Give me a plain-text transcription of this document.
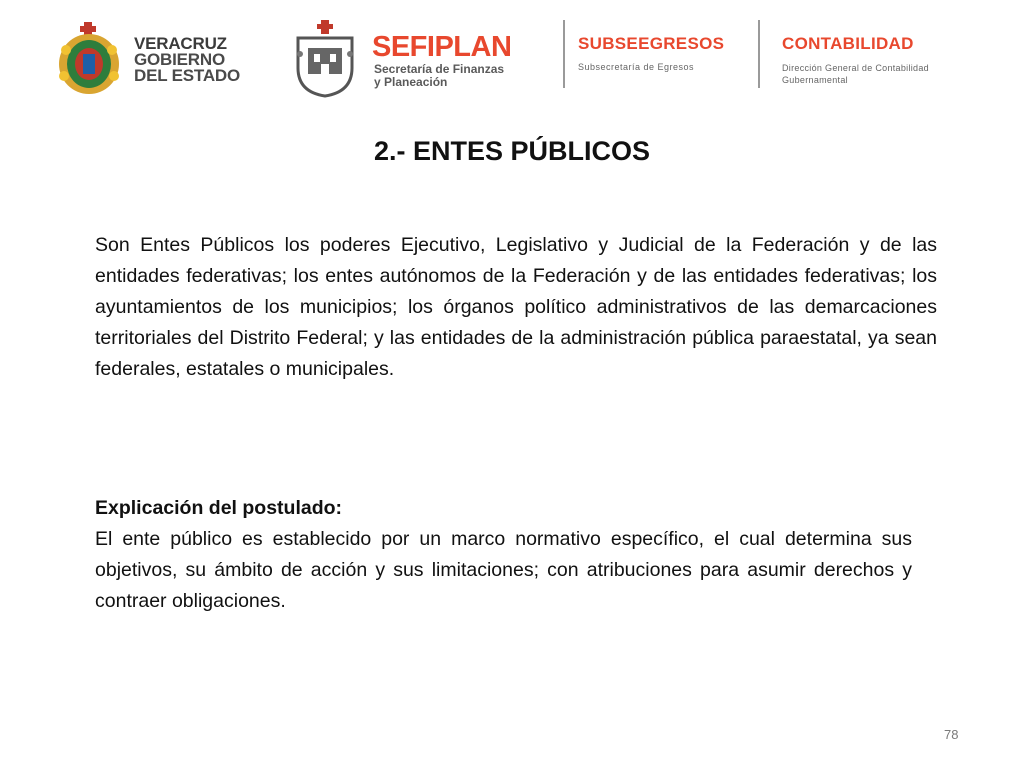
VERACRUZ
GOBIERNO
DEL ESTADO
SEFIPLAN
Secretaría de Finanzas
y Planeación
SUBSEEGRESOS
Subsecretaría de Egresos
CONTABILIDAD
Dirección General de Contabilidad
Gubernamental
2.- ENTES PÚBLICOS
Son Entes Públicos los poderes Ejecutivo, Legislativo y Judicial de la Federación y de las entidades federativas; los entes autónomos de la Federación y de las entidades federativas; los ayuntamientos de los municipios; los órganos político administrativos de las demarcaciones territoriales del Distrito Federal; y las entidades de la administración pública paraestatal, ya sean federales, estatales o municipales.
Explicación del postulado:
El ente público es establecido por un marco normativo específico, el cual determina sus objetivos, su ámbito de acción y sus limitaciones; con atribuciones para asumir derechos y contraer obligaciones.
78
